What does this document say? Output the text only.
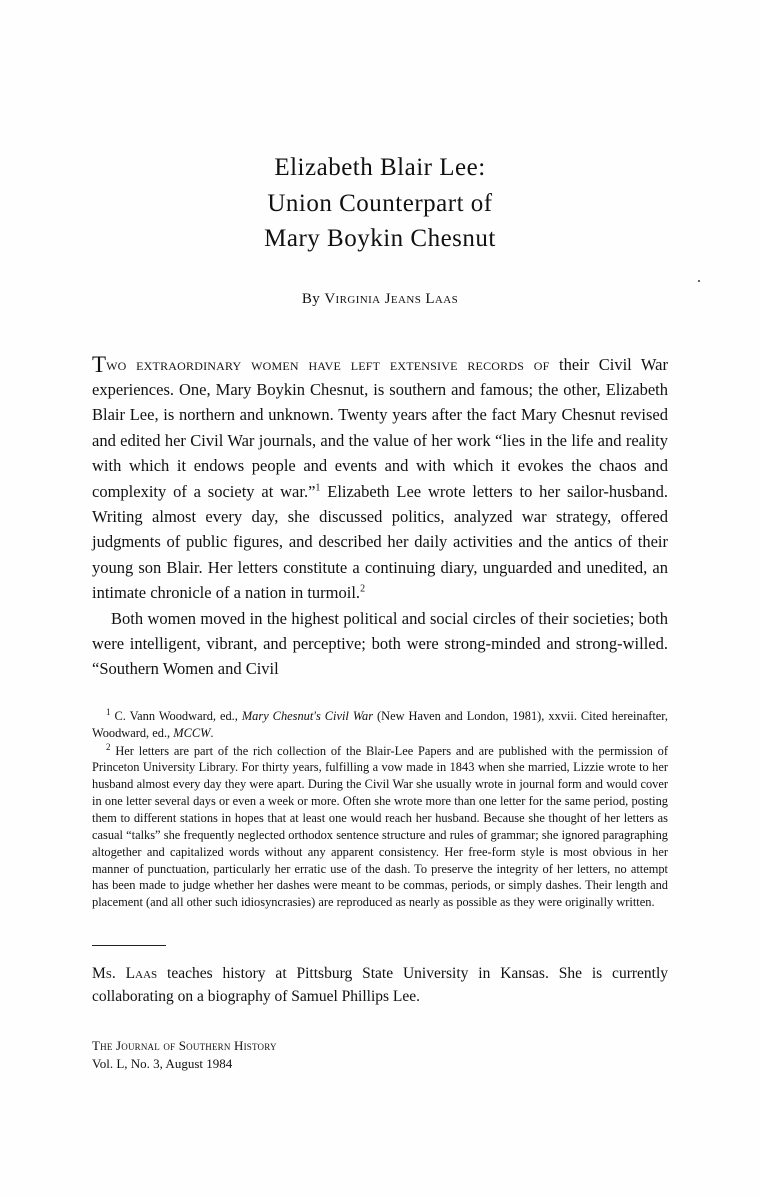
Elizabeth Blair Lee:
Union Counterpart of
Mary Boykin Chesnut
By Virginia Jeans Laas

Two extraordinary women have left extensive records of their Civil War experiences. One, Mary Boykin Chesnut, is southern and famous; the other, Elizabeth Blair Lee, is northern and unknown. Twenty years after the fact Mary Chesnut revised and edited her Civil War journals, and the value of her work “lies in the life and reality with which it endows people and events and with which it evokes the chaos and complexity of a society at war.”$^1$ Elizabeth Lee wrote letters to her sailor-husband. Writing almost every day, she discussed politics, analyzed war strategy, offered judgments of public figures, and described her daily activities and the antics of their young son Blair. Her letters constitute a continuing diary, unguarded and unedited, an intimate chronicle of a nation in turmoil.$^2$

Both women moved in the highest political and social circles of their societies; both were intelligent, vibrant, and perceptive; both were strong-minded and strong-willed. “Southern Women and Civil

$^1$ C. Vann Woodward, ed., Mary Chesnut's Civil War (New Haven and London, 1981), xxvii. Cited hereinafter, Woodward, ed., MCCW.

$^2$ Her letters are part of the rich collection of the Blair-Lee Papers and are published with the permission of Princeton University Library. For thirty years, fulfilling a vow made in 1843 when she married, Lizzie wrote to her husband almost every day they were apart. During the Civil War she usually wrote in journal form and would cover in one letter several days or even a week or more. Often she wrote more than one letter for the same period, posting them to different stations in hopes that at least one would reach her husband. Because she thought of her letters as casual “talks” she frequently neglected orthodox sentence structure and rules of grammar; she ignored paragraphing altogether and capitalized words without any apparent consistency. Her free-form style is most obvious in her manner of punctuation, particularly her erratic use of the dash. To preserve the integrity of her letters, no attempt has been made to judge whether her dashes were meant to be commas, periods, or simply dashes. Their length and placement (and all other such idiosyncrasies) are reproduced as nearly as possible as they were originally written.

Ms. Laas teaches history at Pittsburg State University in Kansas. She is currently collaborating on a biography of Samuel Phillips Lee.
The Journal of Southern History
Vol. L, No. 3, August 1984
